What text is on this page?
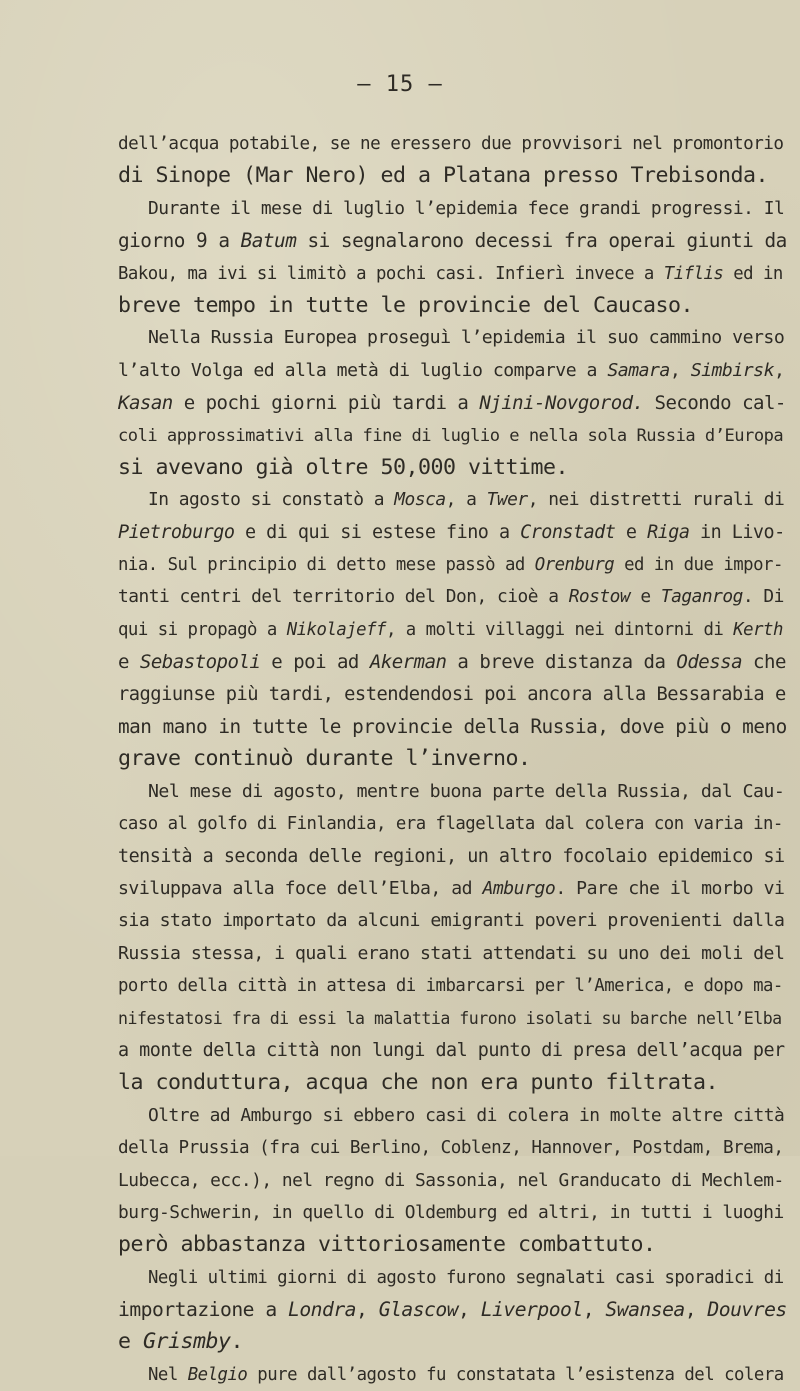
— 15 —
dell’acqua potabile, se ne eressero due provvisori nel promontorio
di Sinope (Mar Nero) ed a Platana presso Trebisonda.
Durante il mese di luglio l’epidemia fece grandi progressi. Il
giorno 9 a Batum si segnalarono decessi fra operai giunti da
Bakou, ma ivi si limitò a pochi casi. Infierì invece a Tiflis ed in
breve tempo in tutte le provincie del Caucaso.
Nella Russia Europea proseguì l’epidemia il suo cammino verso
l’alto Volga ed alla metà di luglio comparve a Samara, Simbirsk,
Kasan e pochi giorni più tardi a Njini-Novgorod. Secondo cal-
coli approssimativi alla fine di luglio e nella sola Russia d’Europa
si avevano già oltre 50,000 vittime.
In agosto si constatò a Mosca, a Twer, nei distretti rurali di
Pietroburgo e di qui si estese fino a Cronstadt e Riga in Livo-
nia. Sul principio di detto mese passò ad Orenburg ed in due impor-
tanti centri del territorio del Don, cioè a Rostow e Taganrog. Di
qui si propagò a Nikolajeff, a molti villaggi nei dintorni di Kerth
e Sebastopoli e poi ad Akerman a breve distanza da Odessa che
raggiunse più tardi, estendendosi poi ancora alla Bessarabia e
man mano in tutte le provincie della Russia, dove più o meno
grave continuò durante l’inverno.
Nel mese di agosto, mentre buona parte della Russia, dal Cau-
caso al golfo di Finlandia, era flagellata dal colera con varia in-
tensità a seconda delle regioni, un altro focolaio epidemico si
sviluppava alla foce dell’Elba, ad Amburgo. Pare che il morbo vi
sia stato importato da alcuni emigranti poveri provenienti dalla
Russia stessa, i quali erano stati attendati su uno dei moli del
porto della città in attesa di imbarcarsi per l’America, e dopo ma-
nifestatosi fra di essi la malattia furono isolati su barche nell’Elba
a monte della città non lungi dal punto di presa dell’acqua per
la conduttura, acqua che non era punto filtrata.
Oltre ad Amburgo si ebbero casi di colera in molte altre città
della Prussia (fra cui Berlino, Coblenz, Hannover, Postdam, Brema,
Lubecca, ecc.), nel regno di Sassonia, nel Granducato di Mechlem-
burg-Schwerin, in quello di Oldemburg ed altri, in tutti i luoghi
però abbastanza vittoriosamente combattuto.
Negli ultimi giorni di agosto furono segnalati casi sporadici di
importazione a Londra, Glascow, Liverpool, Swansea, Douvres
e Grismby.
Nel Belgio pure dall’agosto fu constatata l’esistenza del colera
